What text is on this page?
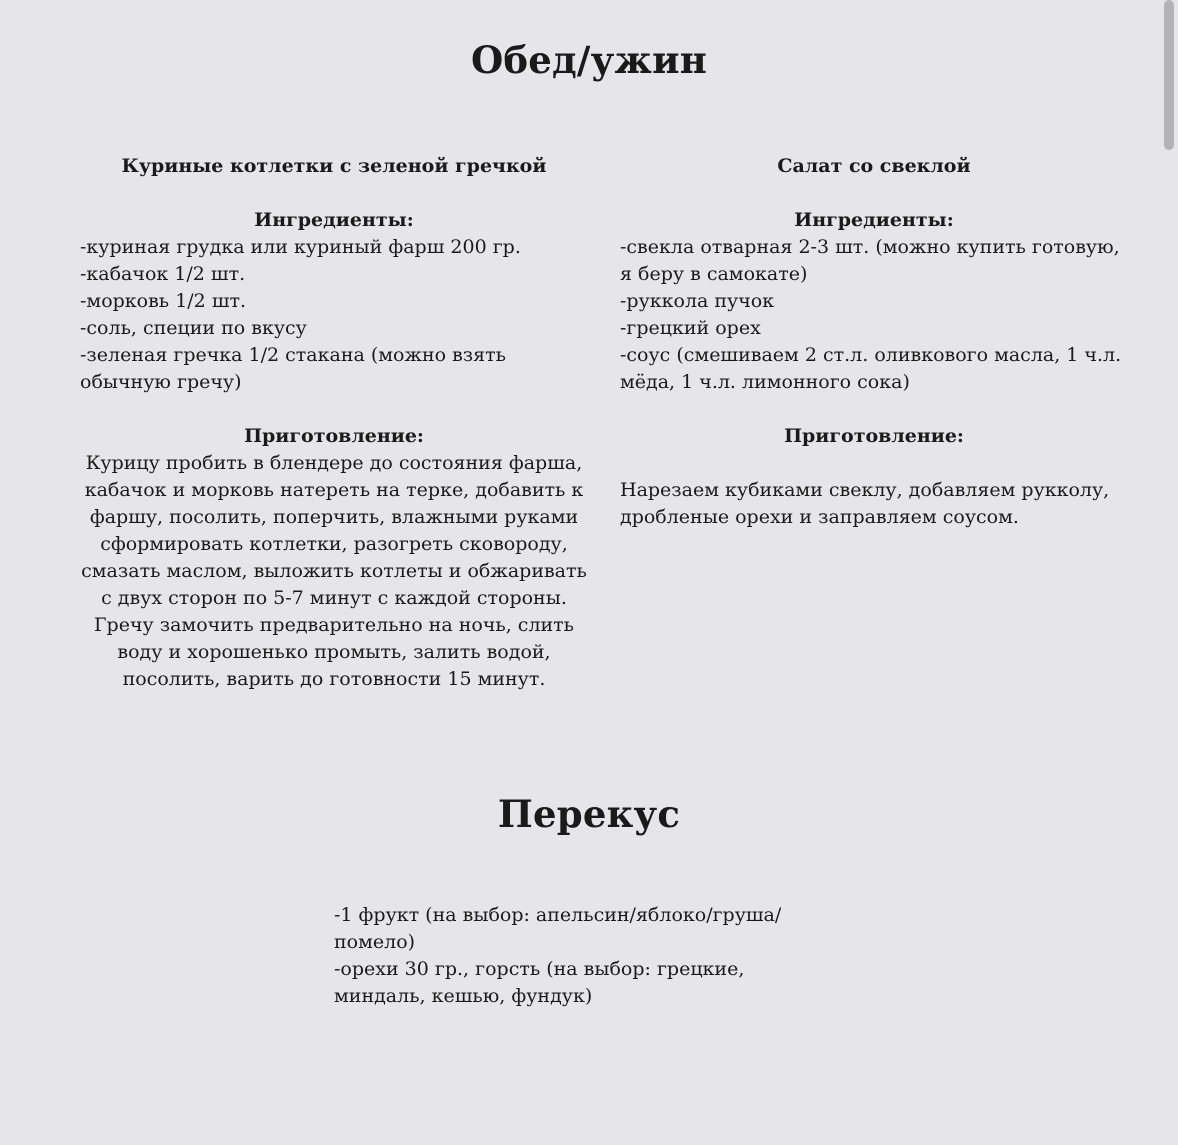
Обед/ужин

Куриные котлетки с зеленой гречкой

Ингредиенты:

-куриная грудка или куриный фарш 200 гр.
-кабачок 1/2 шт.
-морковь 1/2 шт.
-соль, специи по вкусу
-зеленая гречка 1/2 стакана (можно взять обычную гречу)

Приготовление:

Курицу пробить в блендере до состояния фарша, кабачок и морковь натереть на терке, добавить к фаршу, посолить, поперчить, влажными руками сформировать котлетки, разогреть сковороду, смазать маслом, выложить котлеты и обжаривать с двух сторон по 5-7 минут с каждой стороны. Гречу замочить предварительно на ночь, слить воду и хорошенько промыть, залить водой, посолить, варить до готовности 15 минут.

Салат со свеклой

Ингредиенты:

-свекла отварная 2-3 шт. (можно купить готовую, я беру в самокате)
-руккола пучок
-грецкий орех
-соус (смешиваем 2 ст.л. оливкового масла, 1 ч.л. мёда, 1 ч.л. лимонного сока)

Приготовление:

Нарезаем кубиками свеклу, добавляем рукколу, дробленые орехи и заправляем соусом.

Перекус
-1 фрукт (на выбор: апельсин/яблоко/груша/помело)
-орехи 30 гр., горсть (на выбор: грецкие, миндаль, кешью, фундук)
